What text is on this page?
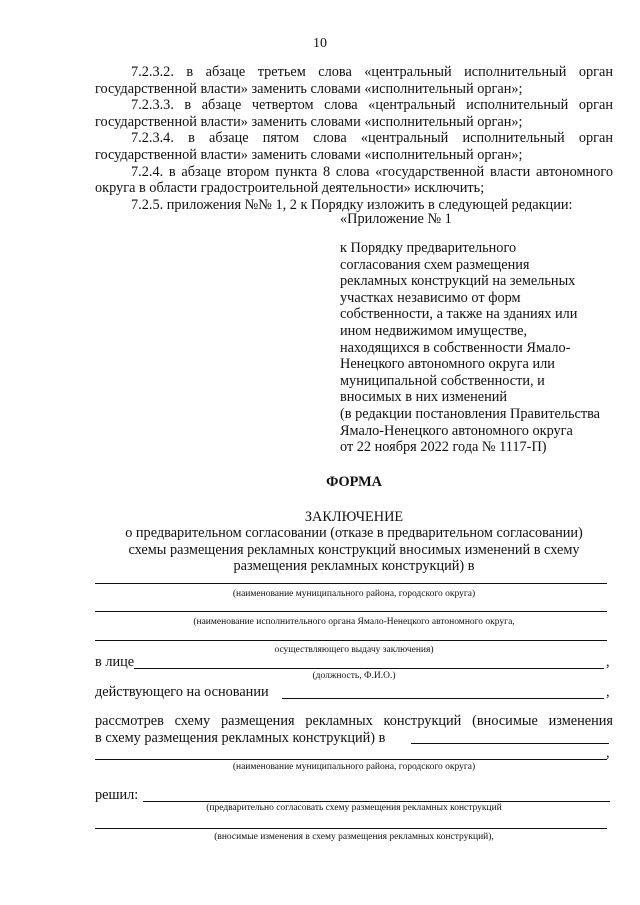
10

7.2.3.2. в абзаце третьем слова «центральный исполнительный орган государственной власти» заменить словами «исполнительный орган»;

7.2.3.3. в абзаце четвертом слова «центральный исполнительный орган государственной власти» заменить словами «исполнительный орган»;

7.2.3.4. в абзаце пятом слова «центральный исполнительный орган государственной власти» заменить словами «исполнительный орган»;

7.2.4. в абзаце втором пункта 8 слова «государственной власти автономного округа в области градостроительной деятельности» исключить;

7.2.5. приложения №№ 1, 2 к Порядку изложить в следующей редакции:

«Приложение № 1
к Порядку предварительного
согласования схем размещения
рекламных конструкций на земельных
участках независимо от форм
собственности, а также на зданиях или
ином недвижимом имуществе,
находящихся в собственности Ямало-
Ненецкого автономного округа или
муниципальной собственности, и
вносимых в них изменений
(в редакции постановления Правительства
Ямало-Ненецкого автономного округа
от 22 ноября 2022 года № 1117-П)
ФОРМА
ЗАКЛЮЧЕНИЕ
о предварительном согласовании (отказе в предварительном согласовании)
схемы размещения рекламных конструкций вносимых изменений в схему
размещения рекламных конструкций) в
(наименование муниципального района, городского округа)
(наименование исполнительного органа Ямало-Ненецкого автономного округа,
осуществляющего выдачу заключения)
в лице	,
(должность, Ф.И.О.)
действующего на основании	,
рассмотрев схему размещения рекламных конструкций (вносимые изменения
в схему размещения рекламных конструкций) в
,
(наименование муниципального района, городского округа)
решил:
(предварительно согласовать схему размещения рекламных конструкций
(вносимые изменения в схему размещения рекламных конструкций),
